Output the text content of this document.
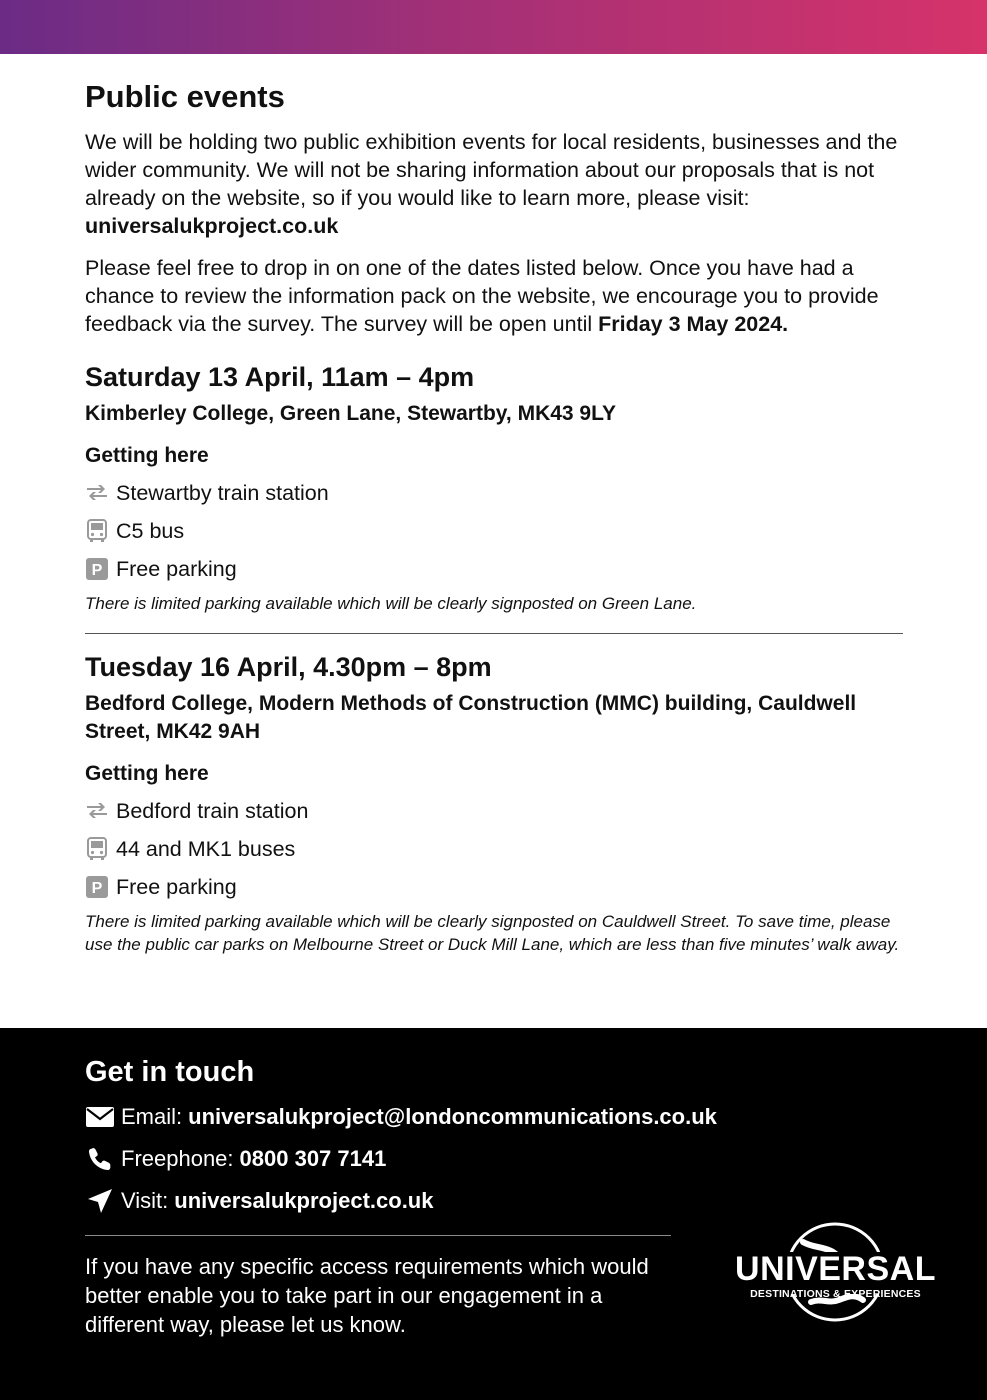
Public events

We will be holding two public exhibition events for local residents, businesses and the wider community. We will not be sharing information about our proposals that is not already on the website, so if you would like to learn more, please visit: universalukproject.co.uk

Please feel free to drop in on one of the dates listed below. Once you have had a chance to review the information pack on the website, we encourage you to provide feedback via the survey. The survey will be open until Friday 3 May 2024.

Saturday 13 April, 11am – 4pm
Kimberley College, Green Lane, Stewartby, MK43 9LY
Getting here
Stewartby train station
C5 bus
P Free parking

There is limited parking available which will be clearly signposted on Green Lane.

Tuesday 16 April, 4.30pm – 8pm
Bedford College, Modern Methods of Construction (MMC) building, Cauldwell Street, MK42 9AH
Getting here
Bedford train station
44 and MK1 buses
P Free parking

There is limited parking available which will be clearly signposted on Cauldwell Street. To save time, please use the public car parks on Melbourne Street or Duck Mill Lane, which are less than five minutes’ walk away.

Get in touch
Email: universalukproject@londoncommunications.co.uk
Freephone: 0800 307 7141
Visit: universalukproject.co.uk

If you have any specific access requirements which would better enable you to take part in our engagement in a different way, please let us know.

UNIVERSAL
DESTINATIONS & EXPERIENCES
